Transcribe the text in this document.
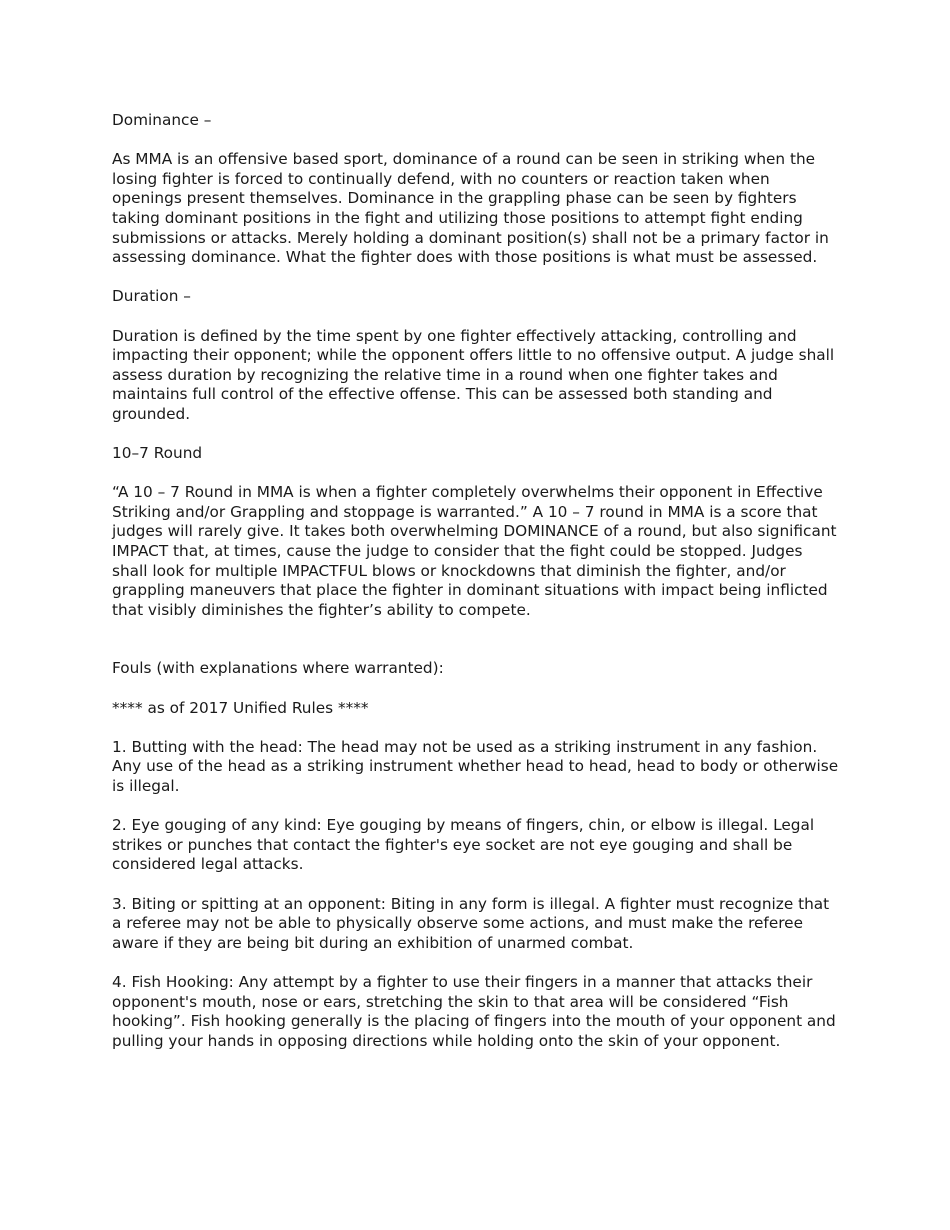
Dominance –

As MMA is an offensive based sport, dominance of a round can be seen in striking when the losing fighter is forced to continually defend, with no counters or reaction taken when openings present themselves. Dominance in the grappling phase can be seen by fighters taking dominant positions in the fight and utilizing those positions to attempt fight ending submissions or attacks. Merely holding a dominant position(s) shall not be a primary factor in assessing dominance. What the fighter does with those positions is what must be assessed.

Duration –

Duration is defined by the time spent by one fighter effectively attacking, controlling and impacting their opponent; while the opponent offers little to no offensive output. A judge shall assess duration by recognizing the relative time in a round when one fighter takes and maintains full control of the effective offense. This can be assessed both standing and grounded.

10–7 Round

“A 10 – 7 Round in MMA is when a fighter completely overwhelms their opponent in Effective Striking and/or Grappling and stoppage is warranted.” A 10 – 7 round in MMA is a score that judges will rarely give. It takes both overwhelming DOMINANCE of a round, but also significant IMPACT that, at times, cause the judge to consider that the fight could be stopped. Judges shall look for multiple IMPACTFUL blows or knockdowns that diminish the fighter, and/or grappling maneuvers that place the fighter in dominant situations with impact being inflicted that visibly diminishes the fighter’s ability to compete.

Fouls (with explanations where warranted):

**** as of 2017 Unified Rules ****

1. Butting with the head: The head may not be used as a striking instrument in any fashion. Any use of the head as a striking instrument whether head to head, head to body or otherwise is illegal.

2. Eye gouging of any kind: Eye gouging by means of fingers, chin, or elbow is illegal. Legal strikes or punches that contact the fighter's eye socket are not eye gouging and shall be considered legal attacks.

3. Biting or spitting at an opponent: Biting in any form is illegal. A fighter must recognize that a referee may not be able to physically observe some actions, and must make the referee aware if they are being bit during an exhibition of unarmed combat.

4. Fish Hooking: Any attempt by a fighter to use their fingers in a manner that attacks their opponent's mouth, nose or ears, stretching the skin to that area will be considered “Fish hooking”. Fish hooking generally is the placing of fingers into the mouth of your opponent and pulling your hands in opposing directions while holding onto the skin of your opponent.
